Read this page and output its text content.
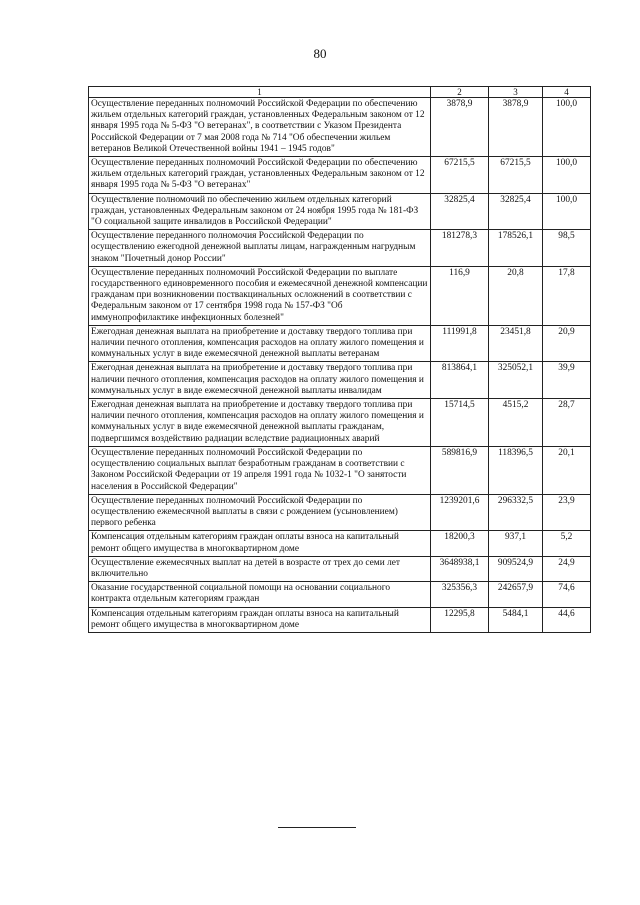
80
1	2	3	4
Осуществление переданных полномочий Российской Федерации по обеспечению жильем отдельных категорий граждан, установленных Федеральным законом от 12 января 1995 года № 5-ФЗ "О ветеранах", в соответствии с Указом Президента Российской Федерации от 7 мая 2008 года № 714 "Об обеспечении жильем ветеранов Великой Отечественной войны 1941 – 1945 годов"	3878,9	3878,9	100,0
Осуществление переданных полномочий Российской Федерации по обеспечению жильем отдельных категорий граждан, установленных Федеральным законом от 12 января 1995 года № 5-ФЗ "О ветеранах"	67215,5	67215,5	100,0
Осуществление полномочий по обеспечению жильем отдельных категорий граждан, установленных Федеральным законом от 24 ноября 1995 года № 181-ФЗ "О социальной защите инвалидов в Российской Федерации"	32825,4	32825,4	100,0
Осуществление переданного полномочия Российской Федерации по осуществлению ежегодной денежной выплаты лицам, награжденным нагрудным знаком "Почетный донор России"	181278,3	178526,1	98,5
Осуществление переданных полномочий Российской Федерации по выплате государственного единовременного пособия и ежемесячной денежной компенсации гражданам при возникновении поствакцинальных осложнений в соответствии с Федеральным законом от 17 сентября 1998 года № 157-ФЗ "Об иммунопрофилактике инфекционных болезней"	116,9	20,8	17,8
Ежегодная денежная выплата на приобретение и доставку твердого топлива при наличии печного отопления, компенсация расходов на оплату жилого помещения и коммунальных услуг в виде ежемесячной денежной выплаты ветеранам	111991,8	23451,8	20,9
Ежегодная денежная выплата на приобретение и доставку твердого топлива при наличии печного отопления, компенсация расходов на оплату жилого помещения и коммунальных услуг в виде ежемесячной денежной выплаты инвалидам	813864,1	325052,1	39,9
Ежегодная денежная выплата на приобретение и доставку твердого топлива при наличии печного отопления, компенсация расходов на оплату жилого помещения и коммунальных услуг в виде ежемесячной денежной выплаты гражданам, подвергшимся воздействию радиации вследствие радиационных аварий	15714,5	4515,2	28,7
Осуществление переданных полномочий Российской Федерации по осуществлению социальных выплат безработным гражданам в соответствии с Законом Российской Федерации от 19 апреля 1991 года № 1032-1 "О занятости населения в Российской Федерации"	589816,9	118396,5	20,1
Осуществление переданных полномочий Российской Федерации по осуществлению ежемесячной выплаты в связи с рождением (усыновлением) первого ребенка	1239201,6	296332,5	23,9
Компенсация отдельным категориям граждан оплаты взноса на капитальный ремонт общего имущества в многоквартирном доме	18200,3	937,1	5,2
Осуществление ежемесячных выплат на детей в возрасте от трех до семи лет включительно	3648938,1	909524,9	24,9
Оказание государственной социальной помощи на основании социального контракта отдельным категориям граждан	325356,3	242657,9	74,6
Компенсация отдельным категориям граждан оплаты взноса на капитальный ремонт общего имущества в многоквартирном доме	12295,8	5484,1	44,6
